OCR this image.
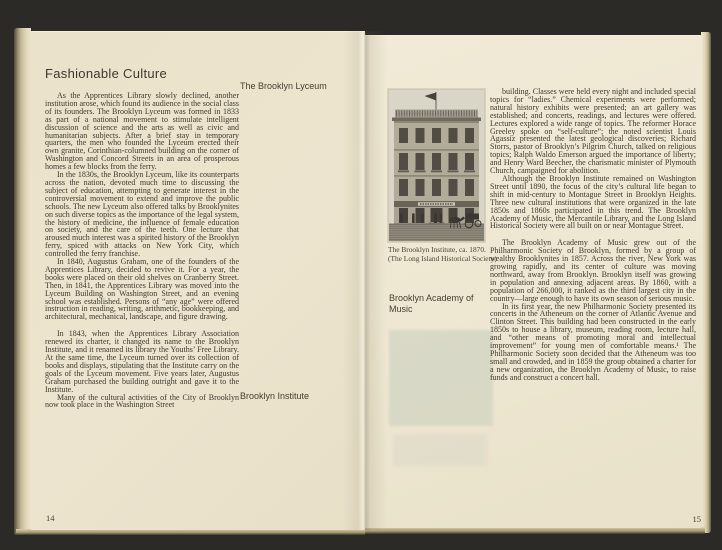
Fashionable Culture
The Brooklyn Lyceum
Brooklyn Institute

As the Apprentices Library slowly declined, another institution arose, which found its audience in the social class of its founders. The Brooklyn Lyceum was formed in 1833 as part of a national movement to stimulate intelligent discussion of science and the arts as well as civic and humanitarian subjects. After a brief stay in temporary quarters, the men who founded the Lyceum erected their own granite, Corinthian-columned building on the corner of Washington and Concord Streets in an area of prosperous homes a few blocks from the ferry.

In the 1830s, the Brooklyn Lyceum, like its counterparts across the nation, devoted much time to discussing the subject of education, attempting to generate interest in the controversial movement to extend and improve the public schools. The new Lyceum also offered talks by Brooklynites on such diverse topics as the importance of the legal system, the history of medicine, the influence of female education on society, and the care of the teeth. One lecture that aroused much interest was a spirited history of the Brooklyn ferry, spiced with attacks on New York City, which controlled the ferry franchise.

In 1840, Augustus Graham, one of the founders of the Apprentices Library, decided to revive it. For a year, the books were placed on their old shelves on Cranberry Street. Then, in 1841, the Apprentices Library was moved into the Lyceum Building on Washington Street, and an evening school was established. Persons of “any age” were offered instruction in reading, writing, arithmetic, bookkeeping, and architectural, mechanical, landscape, and figure drawing.

In 1843, when the Apprentices Library Association renewed its charter, it changed its name to the Brooklyn Institute, and it renamed its library the Youths’ Free Library. At the same time, the Lyceum turned over its collection of books and displays, stipulating that the Institute carry on the goals of the Lyceum movement. Five years later, Augustus Graham purchased the building outright and gave it to the Institute.

Many of the cultural activities of the City of Brooklyn now took place in the Washington Street

14
The Brooklyn Institute, ca. 1870. (The Long Island Historical Society)
Brooklyn Academy of Music

building. Classes were held every night and included special topics for “ladies.” Chemical experiments were performed; natural history exhibits were presented; an art gallery was established; and concerts, readings, and lectures were offered. Lectures explored a wide range of topics. The reformer Horace Greeley spoke on “self-culture”; the noted scientist Louis Agassiz presented the latest geological discoveries; Richard Storrs, pastor of Brooklyn’s Pilgrim Church, talked on religious topics; Ralph Waldo Emerson argued the importance of liberty; and Henry Ward Beecher, the charismatic minister of Plymouth Church, campaigned for abolition.

Although the Brooklyn Institute remained on Washington Street until 1890, the focus of the city’s cultural life began to shift in mid-century to Montague Street in Brooklyn Heights. Three new cultural institutions that were organized in the late 1850s and 1860s participated in this trend. The Brooklyn Academy of Music, the Mercantile Library, and the Long Island Historical Society were all built on or near Montague Street.

The Brooklyn Academy of Music grew out of the Philharmonic Society of Brooklyn, formed by a group of wealthy Brooklynites in 1857. Across the river, New York was growing rapidly, and its center of culture was moving northward, away from Brooklyn. Brooklyn itself was growing in population and annexing adjacent areas. By 1860, with a population of 266,000, it ranked as the third largest city in the country—large enough to have its own season of serious music.

In its first year, the new Philharmonic Society presented its concerts in the Atheneum on the corner of Atlantic Avenue and Clinton Street. This building had been constructed in the early 1850s to house a library, museum, reading room, lecture hall, and “other means of promoting moral and intellectual improvement” for young men of comfortable means.¹ The Philharmonic Society soon decided that the Atheneum was too small and crowded, and in 1859 the group obtained a charter for a new organization, the Brooklyn Academy of Music, to raise funds and construct a concert hall.

15
